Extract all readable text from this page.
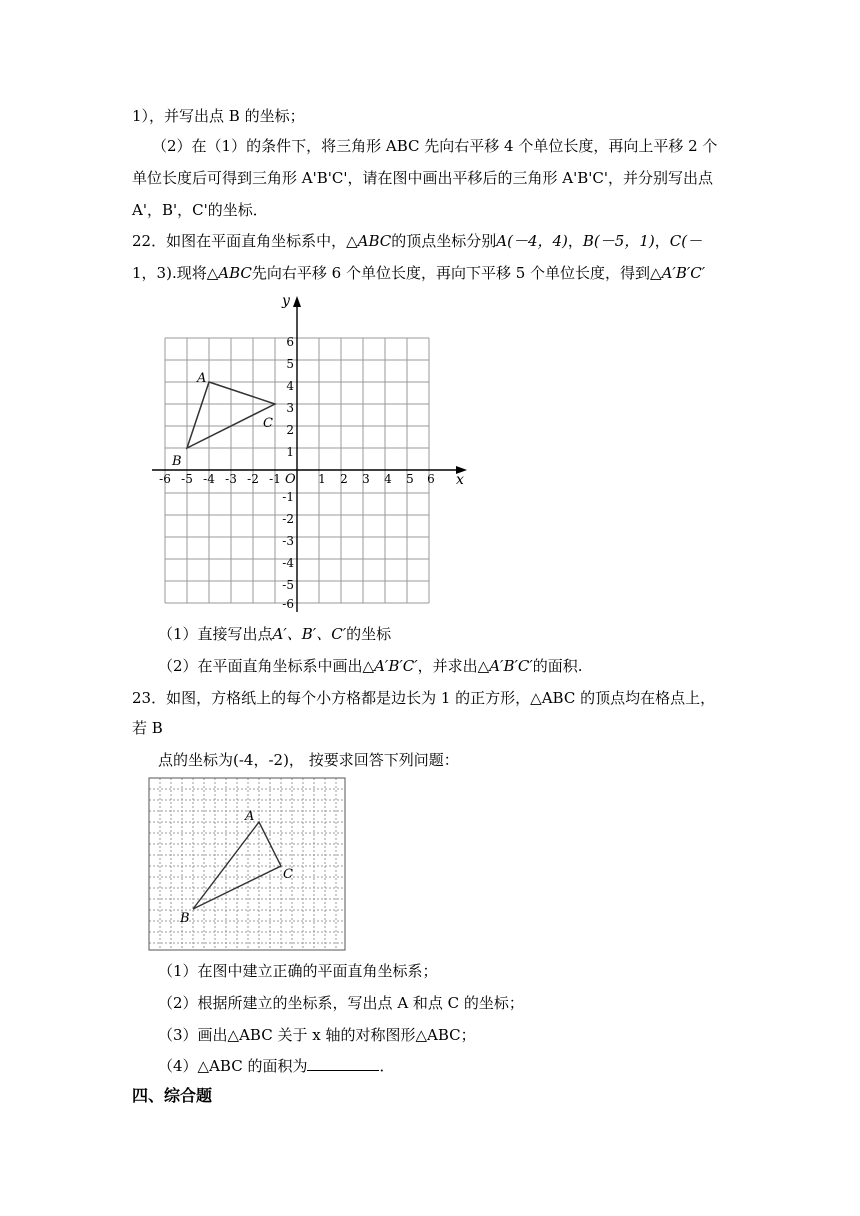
1），并写出点 B 的坐标；
（2）在（1）的条件下，将三角形 ABC 先向右平移 4 个单位长度，再向上平移 2 个
单位长度后可得到三角形 A'B'C'，请在图中画出平移后的三角形 A'B'C'，并分别写出点
A'，B'，C'的坐标．
22．如图在平面直角坐标系中，△ABC的顶点坐标分别A(－4，4)，B(－5，1)，C(－
1，3).现将△ABC先向右平移 6 个单位长度，再向下平移 5 个单位长度，得到△A′B′C′
y
x
O
-6 -5 -4 -3 -2 -1	1 2 3 4 5 6
6
5
4
3
2
1
-1
-2
-3
-4
-5
-6
A
B
C
（1）直接写出点A′、B′、C′的坐标
（2）在平面直角坐标系中画出△A′B′C′，并求出△A′B′C′的面积.
23．如图，方格纸上的每个小方格都是边长为 1 的正方形，△ABC 的顶点均在格点上，
若 B
点的坐标为(-4，-2)， 按要求回答下列问题：
A
B
C
（1）在图中建立正确的平面直角坐标系；
（2）根据所建立的坐标系，写出点 A 和点 C 的坐标；
（3）画出△ABC 关于 x 轴的对称图形△ABC；
（4）△ABC 的面积为	．
四、综合题
